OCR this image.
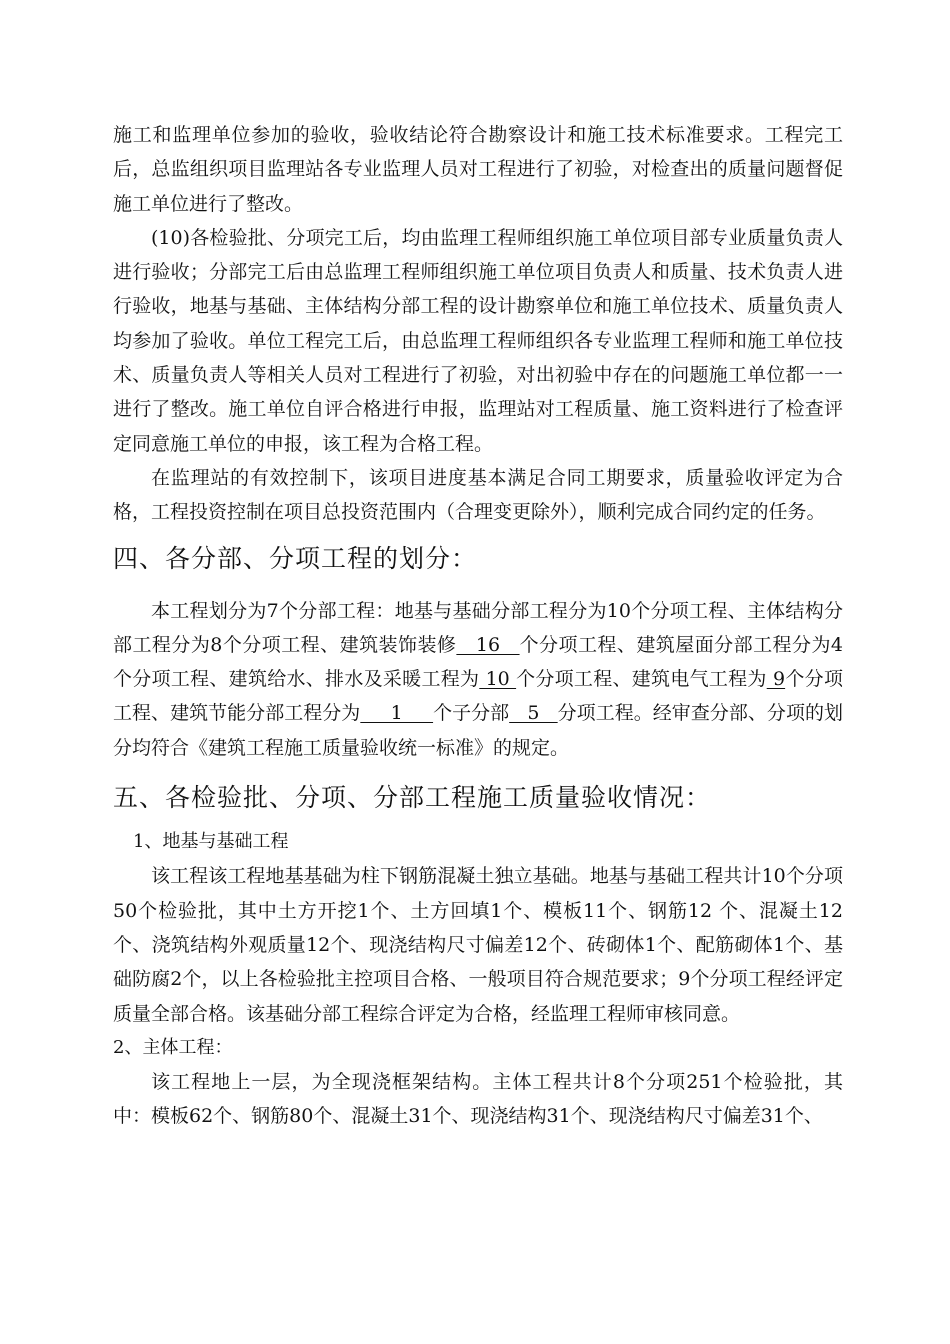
施工和监理单位参加的验收，验收结论符合勘察设计和施工技术标准要求。工程完工后，总监组织项目监理站各专业监理人员对工程进行了初验，对检查出的质量问题督促施工单位进行了整改。

(10)各检验批、分项完工后，均由监理工程师组织施工单位项目部专业质量负责人进行验收；分部完工后由总监理工程师组织施工单位项目负责人和质量、技术负责人进行验收，地基与基础、主体结构分部工程的设计勘察单位和施工单位技术、质量负责人均参加了验收。单位工程完工后，由总监理工程师组织各专业监理工程师和施工单位技术、质量负责人等相关人员对工程进行了初验，对出初验中存在的问题施工单位都一一进行了整改。施工单位自评合格进行申报，监理站对工程质量、施工资料进行了检查评定同意施工单位的申报，该工程为合格工程。

在监理站的有效控制下，该项目进度基本满足合同工期要求，质量验收评定为合格，工程投资控制在项目总投资范围内（合理变更除外），顺利完成合同约定的任务。

四、各分部、分项工程的划分：

本工程划分为7个分部工程：地基与基础分部工程分为10个分项工程、主体结构分部工程分为8个分项工程、建筑装饰装修   16   个分项工程、建筑屋面分部工程分为4个分项工程、建筑给水、排水及采暖工程为 10 个分项工程、建筑电气工程为 9个分项工程、建筑节能分部工程分为     1     个子分部   5   分项工程。经审查分部、分项的划分均符合《建筑工程施工质量验收统一标准》的规定。

五、各检验批、分项、分部工程施工质量验收情况：

1、地基与基础工程

该工程该工程地基基础为柱下钢筋混凝土独立基础。地基与基础工程共计10个分项50个检验批，其中土方开挖1个、土方回填1个、模板11个、钢筋12 个、混凝土12个、浇筑结构外观质量12个、现浇结构尺寸偏差12个、砖砌体1个、配筋砌体1个、基础防腐2个，以上各检验批主控项目合格、一般项目符合规范要求；9个分项工程经评定质量全部合格。该基础分部工程综合评定为合格，经监理工程师审核同意。

2、主体工程：

该工程地上一层，为全现浇框架结构。主体工程共计8个分项251个检验批，其中：模板62个、钢筋80个、混凝土31个、现浇结构31个、现浇结构尺寸偏差31个、
